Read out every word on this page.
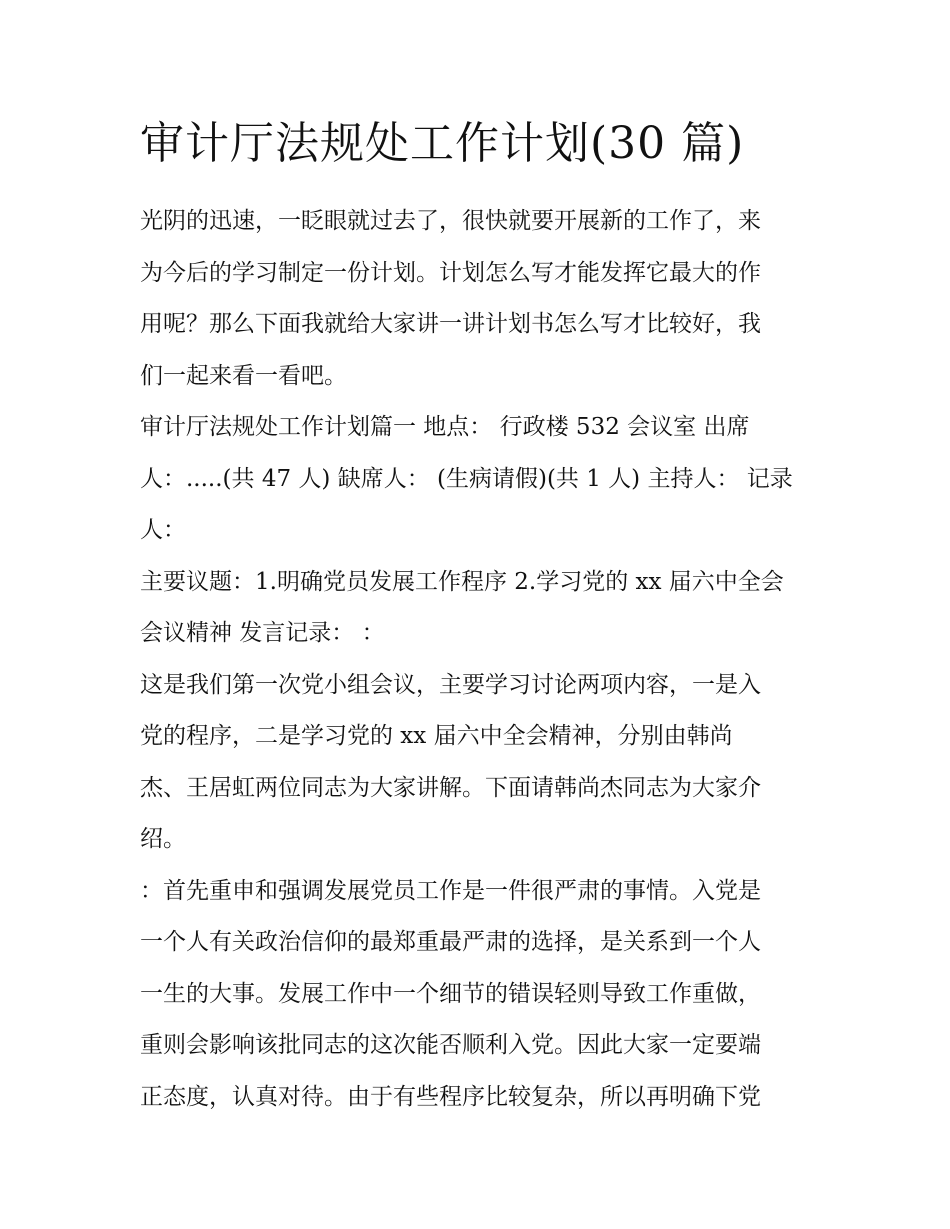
审计厅法规处工作计划(30 篇)
光阴的迅速，一眨眼就过去了，很快就要开展新的工作了，来
为今后的学习制定一份计划。计划怎么写才能发挥它最大的作
用呢？那么下面我就给大家讲一讲计划书怎么写才比较好，我
们一起来看一看吧。
审计厅法规处工作计划篇一 地点： 行政楼 532 会议室 出席
人：.....(共 47 人) 缺席人： (生病请假)(共 1 人) 主持人： 记录
人：
主要议题：1.明确党员发展工作程序 2.学习党的 xx 届六中全会
会议精神 发言记录： ：
这是我们第一次党小组会议，主要学习讨论两项内容，一是入
党的程序，二是学习党的 xx 届六中全会精神，分别由韩尚
杰、王居虹两位同志为大家讲解。下面请韩尚杰同志为大家介
绍。
：首先重申和强调发展党员工作是一件很严肃的事情。入党是
一个人有关政治信仰的最郑重最严肃的选择，是关系到一个人
一生的大事。发展工作中一个细节的错误轻则导致工作重做，
重则会影响该批同志的这次能否顺利入党。因此大家一定要端
正态度，认真对待。由于有些程序比较复杂，所以再明确下党
